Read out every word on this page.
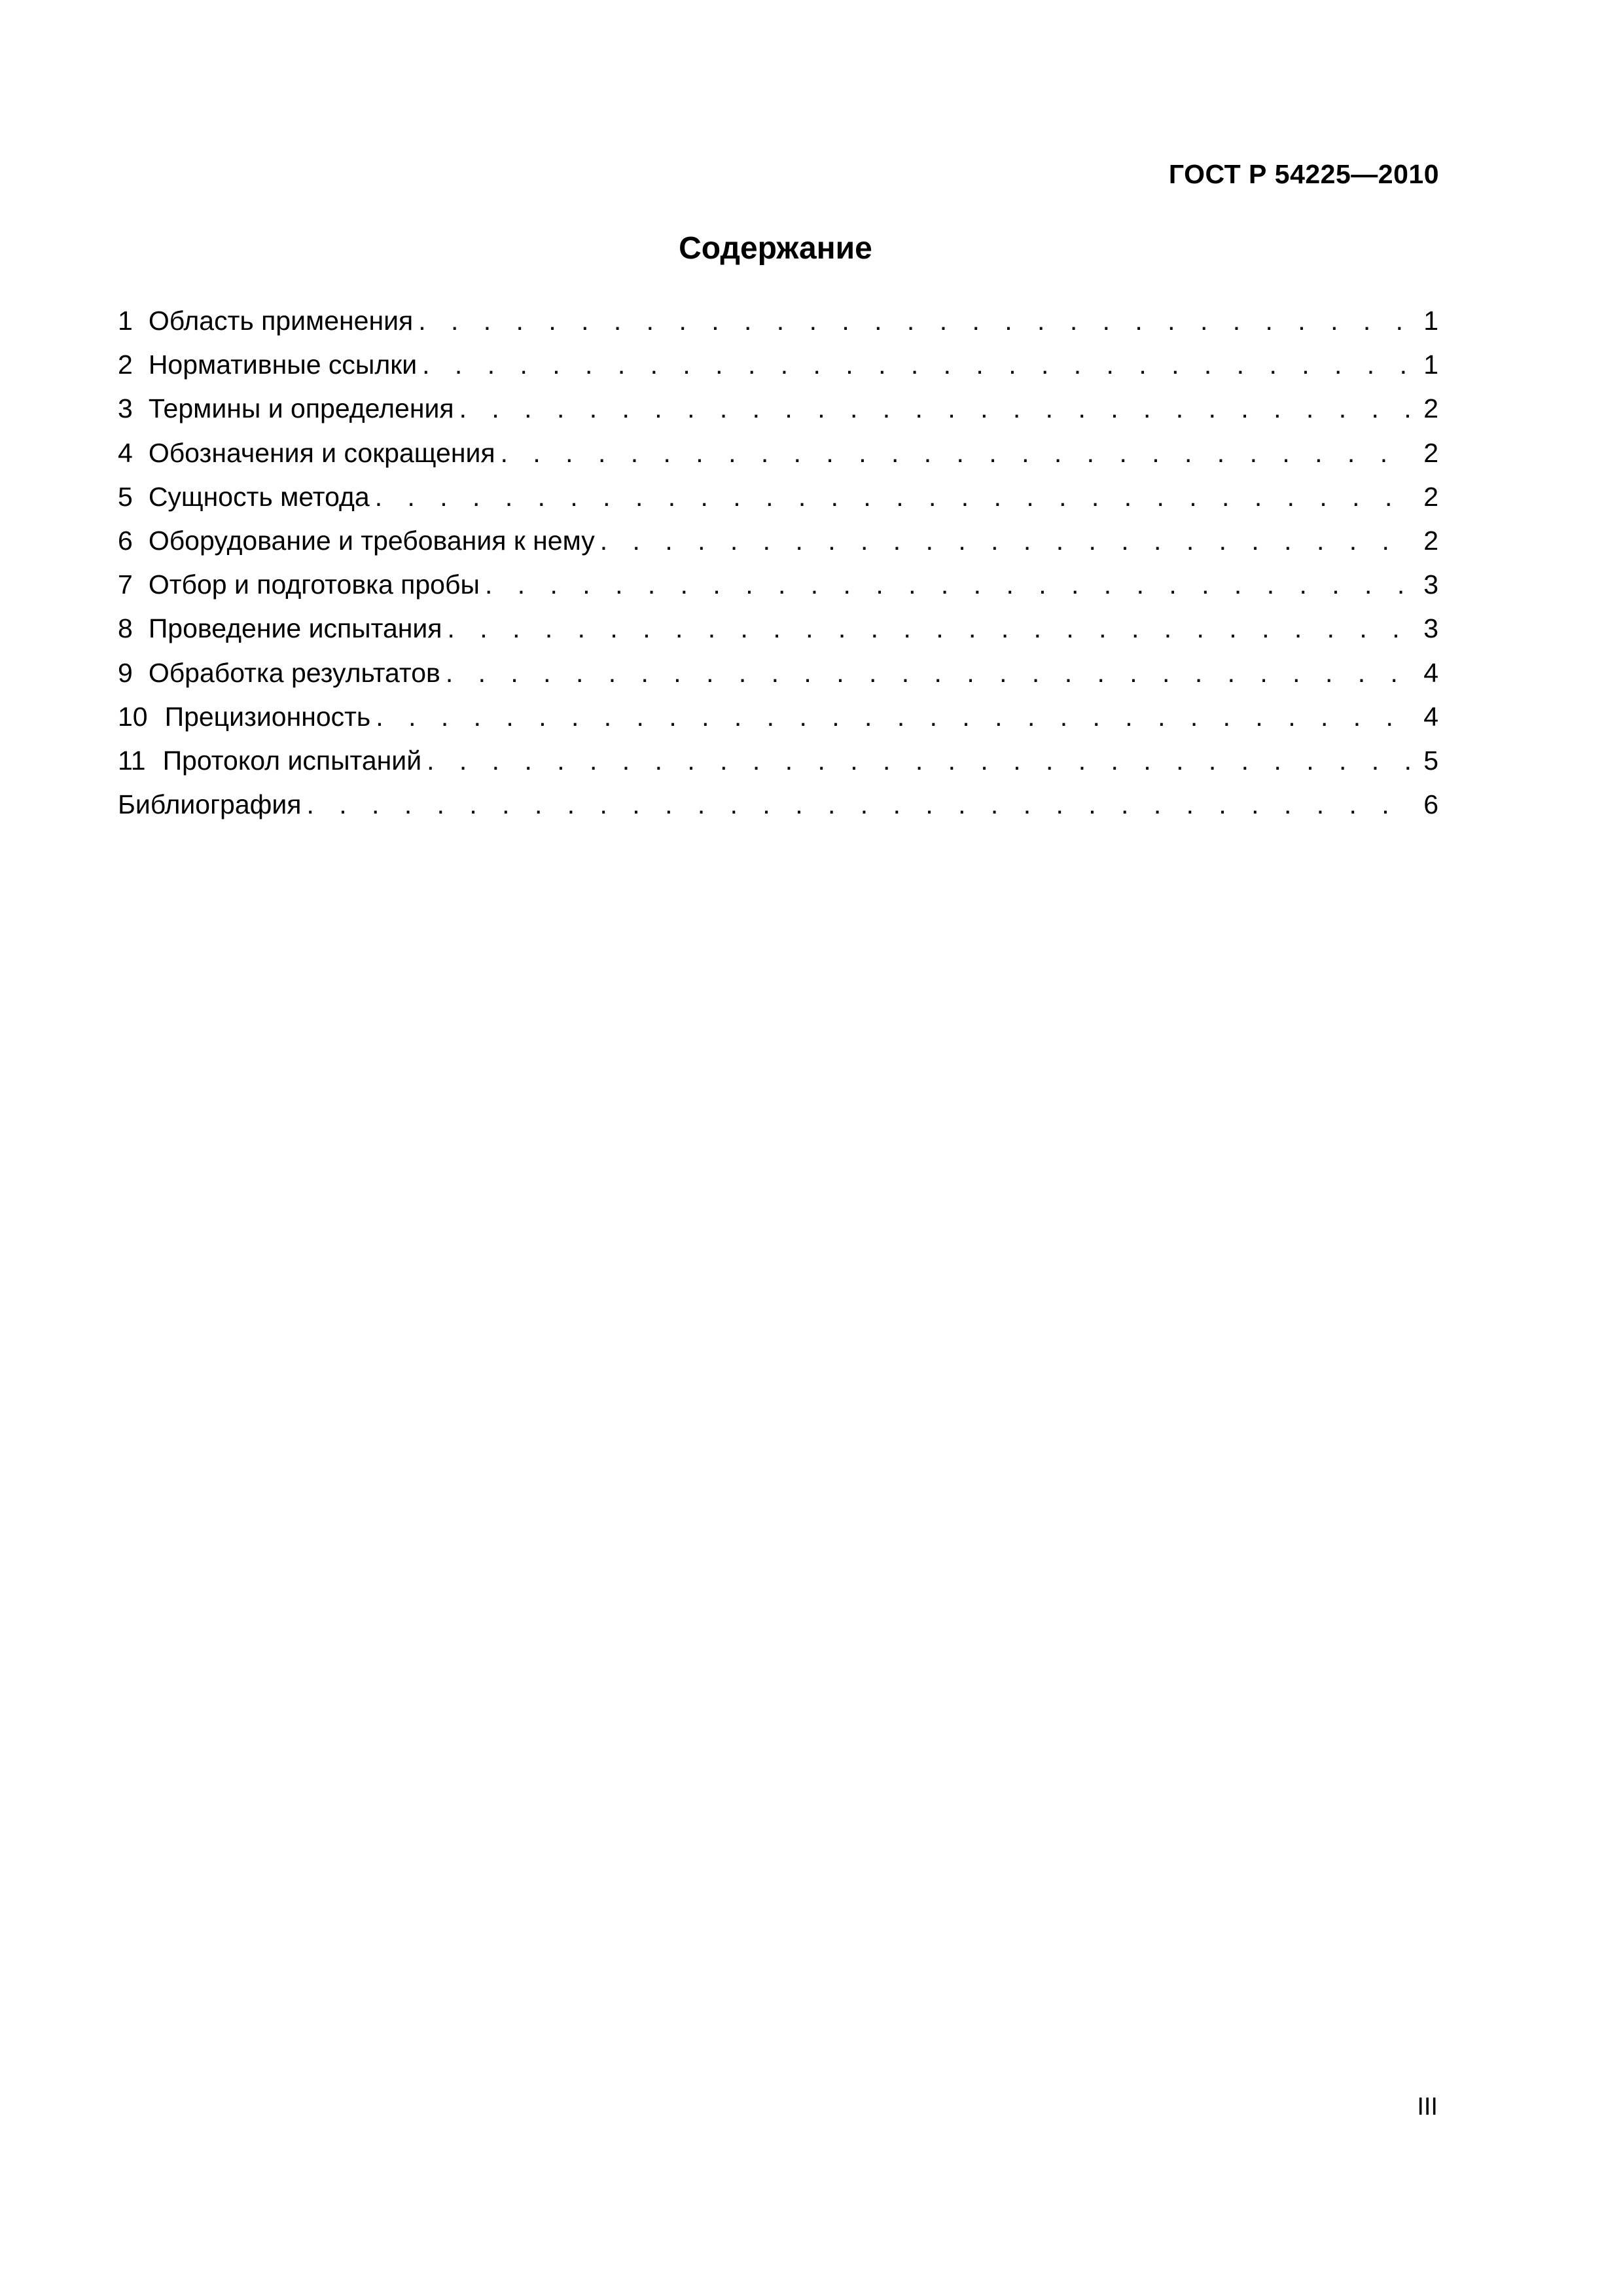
ГОСТ Р 54225—2010
Содержание
1 Область применения . . .	1
2 Нормативные ссылки . . .	1
3 Термины и определения . . .	2
4 Обозначения и сокращения . . .	2
5 Сущность метода . . .	2
6 Оборудование и требования к нему . . .	2
7 Отбор и подготовка пробы . . .	3
8 Проведение испытания . . .	3
9 Обработка результатов . . .	4
10 Прецизионность . . .	4
11 Протокол испытаний . . .	5
Библиография . . .	6
III
